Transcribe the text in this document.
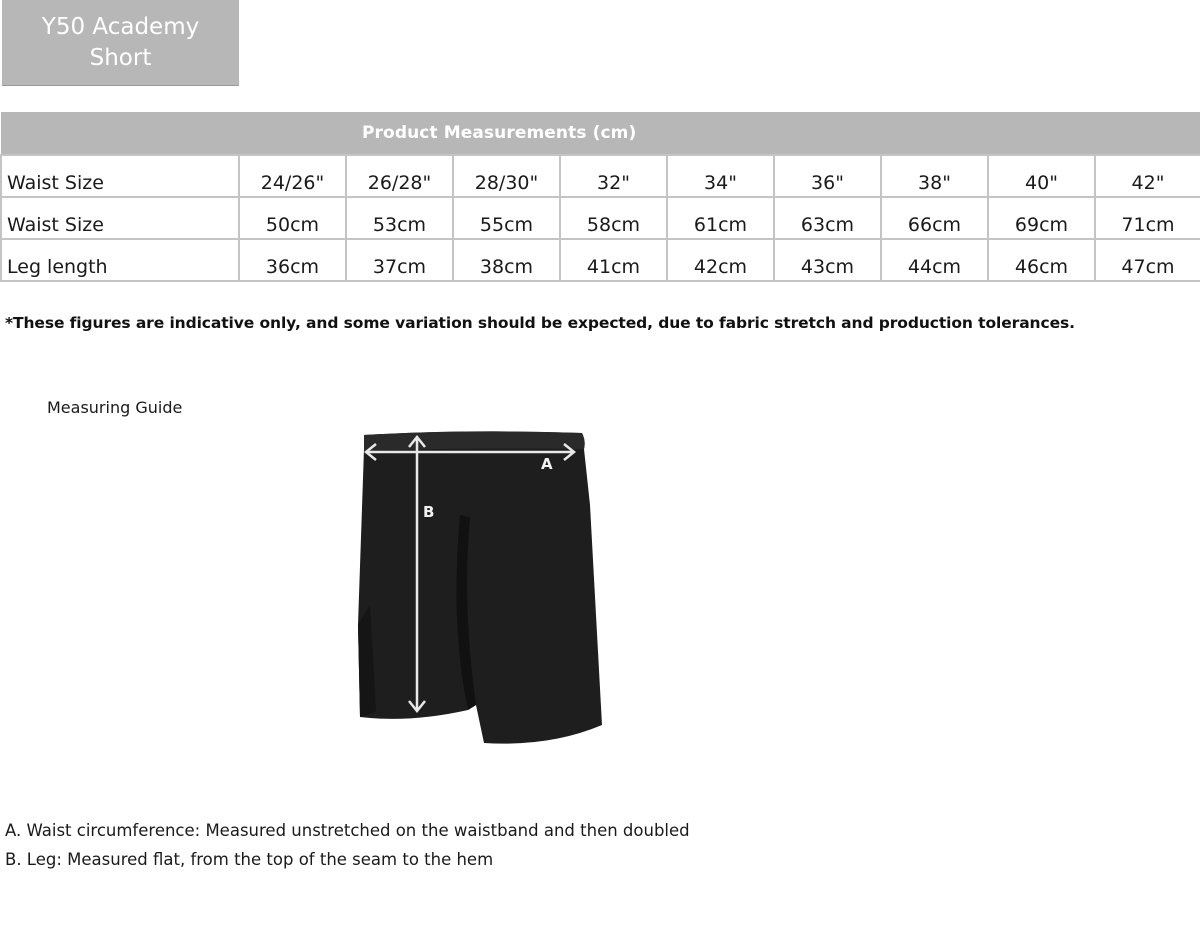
Y50 Academy
Short
Product Measurements (cm)									
Waist Size	24/26"	26/28"	28/30"	32"	34"	36"	38"	40"	42"
Waist Size	50cm	53cm	55cm	58cm	61cm	63cm	66cm	69cm	71cm
Leg length	36cm	37cm	38cm	41cm	42cm	43cm	44cm	46cm	47cm
*These figures are indicative only, and some variation should be expected, due to fabric stretch and production tolerances.
Measuring Guide
A
B
A. Waist circumference: Measured unstretched on the waistband and then doubled
B. Leg: Measured flat, from the top of the seam to the hem
